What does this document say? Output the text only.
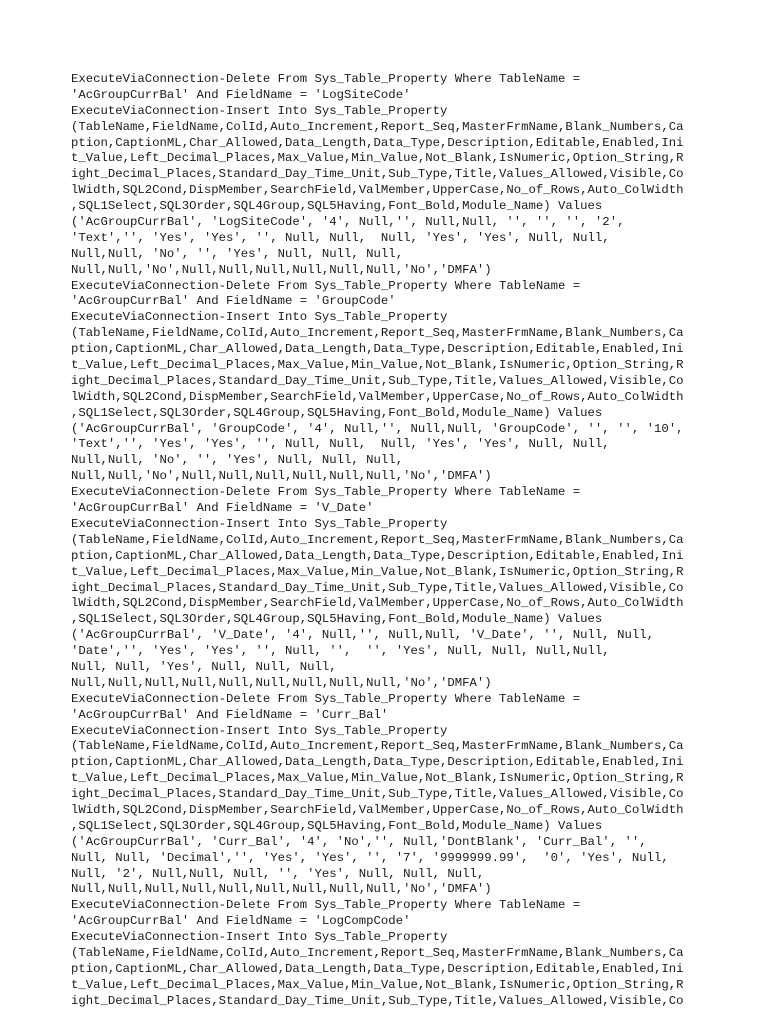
ExecuteViaConnection-Delete From Sys_Table_Property Where TableName =
'AcGroupCurrBal' And FieldName = 'LogSiteCode'
ExecuteViaConnection-Insert Into Sys_Table_Property
(TableName,FieldName,ColId,Auto_Increment,Report_Seq,MasterFrmName,Blank_Numbers,Ca
ption,CaptionML,Char_Allowed,Data_Length,Data_Type,Description,Editable,Enabled,Ini
t_Value,Left_Decimal_Places,Max_Value,Min_Value,Not_Blank,IsNumeric,Option_String,R
ight_Decimal_Places,Standard_Day_Time_Unit,Sub_Type,Title,Values_Allowed,Visible,Co
lWidth,SQL2Cond,DispMember,SearchField,ValMember,UpperCase,No_of_Rows,Auto_ColWidth
,SQL1Select,SQL3Order,SQL4Group,SQL5Having,Font_Bold,Module_Name) Values
('AcGroupCurrBal', 'LogSiteCode', '4', Null,'', Null,Null, '', '', '', '2',
'Text','', 'Yes', 'Yes', '', Null, Null,  Null, 'Yes', 'Yes', Null, Null,
Null,Null, 'No', '', 'Yes', Null, Null, Null,
Null,Null,'No',Null,Null,Null,Null,Null,Null,'No','DMFA')
ExecuteViaConnection-Delete From Sys_Table_Property Where TableName =
'AcGroupCurrBal' And FieldName = 'GroupCode'
ExecuteViaConnection-Insert Into Sys_Table_Property
(TableName,FieldName,ColId,Auto_Increment,Report_Seq,MasterFrmName,Blank_Numbers,Ca
ption,CaptionML,Char_Allowed,Data_Length,Data_Type,Description,Editable,Enabled,Ini
t_Value,Left_Decimal_Places,Max_Value,Min_Value,Not_Blank,IsNumeric,Option_String,R
ight_Decimal_Places,Standard_Day_Time_Unit,Sub_Type,Title,Values_Allowed,Visible,Co
lWidth,SQL2Cond,DispMember,SearchField,ValMember,UpperCase,No_of_Rows,Auto_ColWidth
,SQL1Select,SQL3Order,SQL4Group,SQL5Having,Font_Bold,Module_Name) Values
('AcGroupCurrBal', 'GroupCode', '4', Null,'', Null,Null, 'GroupCode', '', '', '10',
'Text','', 'Yes', 'Yes', '', Null, Null,  Null, 'Yes', 'Yes', Null, Null,
Null,Null, 'No', '', 'Yes', Null, Null, Null,
Null,Null,'No',Null,Null,Null,Null,Null,Null,'No','DMFA')
ExecuteViaConnection-Delete From Sys_Table_Property Where TableName =
'AcGroupCurrBal' And FieldName = 'V_Date'
ExecuteViaConnection-Insert Into Sys_Table_Property
(TableName,FieldName,ColId,Auto_Increment,Report_Seq,MasterFrmName,Blank_Numbers,Ca
ption,CaptionML,Char_Allowed,Data_Length,Data_Type,Description,Editable,Enabled,Ini
t_Value,Left_Decimal_Places,Max_Value,Min_Value,Not_Blank,IsNumeric,Option_String,R
ight_Decimal_Places,Standard_Day_Time_Unit,Sub_Type,Title,Values_Allowed,Visible,Co
lWidth,SQL2Cond,DispMember,SearchField,ValMember,UpperCase,No_of_Rows,Auto_ColWidth
,SQL1Select,SQL3Order,SQL4Group,SQL5Having,Font_Bold,Module_Name) Values
('AcGroupCurrBal', 'V_Date', '4', Null,'', Null,Null, 'V_Date', '', Null, Null,
'Date','', 'Yes', 'Yes', '', Null, '',  '', 'Yes', Null, Null, Null,Null,
Null, Null, 'Yes', Null, Null, Null,
Null,Null,Null,Null,Null,Null,Null,Null,Null,'No','DMFA')
ExecuteViaConnection-Delete From Sys_Table_Property Where TableName =
'AcGroupCurrBal' And FieldName = 'Curr_Bal'
ExecuteViaConnection-Insert Into Sys_Table_Property
(TableName,FieldName,ColId,Auto_Increment,Report_Seq,MasterFrmName,Blank_Numbers,Ca
ption,CaptionML,Char_Allowed,Data_Length,Data_Type,Description,Editable,Enabled,Ini
t_Value,Left_Decimal_Places,Max_Value,Min_Value,Not_Blank,IsNumeric,Option_String,R
ight_Decimal_Places,Standard_Day_Time_Unit,Sub_Type,Title,Values_Allowed,Visible,Co
lWidth,SQL2Cond,DispMember,SearchField,ValMember,UpperCase,No_of_Rows,Auto_ColWidth
,SQL1Select,SQL3Order,SQL4Group,SQL5Having,Font_Bold,Module_Name) Values
('AcGroupCurrBal', 'Curr_Bal', '4', 'No','', Null,'DontBlank', 'Curr_Bal', '',
Null, Null, 'Decimal','', 'Yes', 'Yes', '', '7', '9999999.99',  '0', 'Yes', Null,
Null, '2', Null,Null, Null, '', 'Yes', Null, Null, Null,
Null,Null,Null,Null,Null,Null,Null,Null,Null,'No','DMFA')
ExecuteViaConnection-Delete From Sys_Table_Property Where TableName =
'AcGroupCurrBal' And FieldName = 'LogCompCode'
ExecuteViaConnection-Insert Into Sys_Table_Property
(TableName,FieldName,ColId,Auto_Increment,Report_Seq,MasterFrmName,Blank_Numbers,Ca
ption,CaptionML,Char_Allowed,Data_Length,Data_Type,Description,Editable,Enabled,Ini
t_Value,Left_Decimal_Places,Max_Value,Min_Value,Not_Blank,IsNumeric,Option_String,R
ight_Decimal_Places,Standard_Day_Time_Unit,Sub_Type,Title,Values_Allowed,Visible,Co
